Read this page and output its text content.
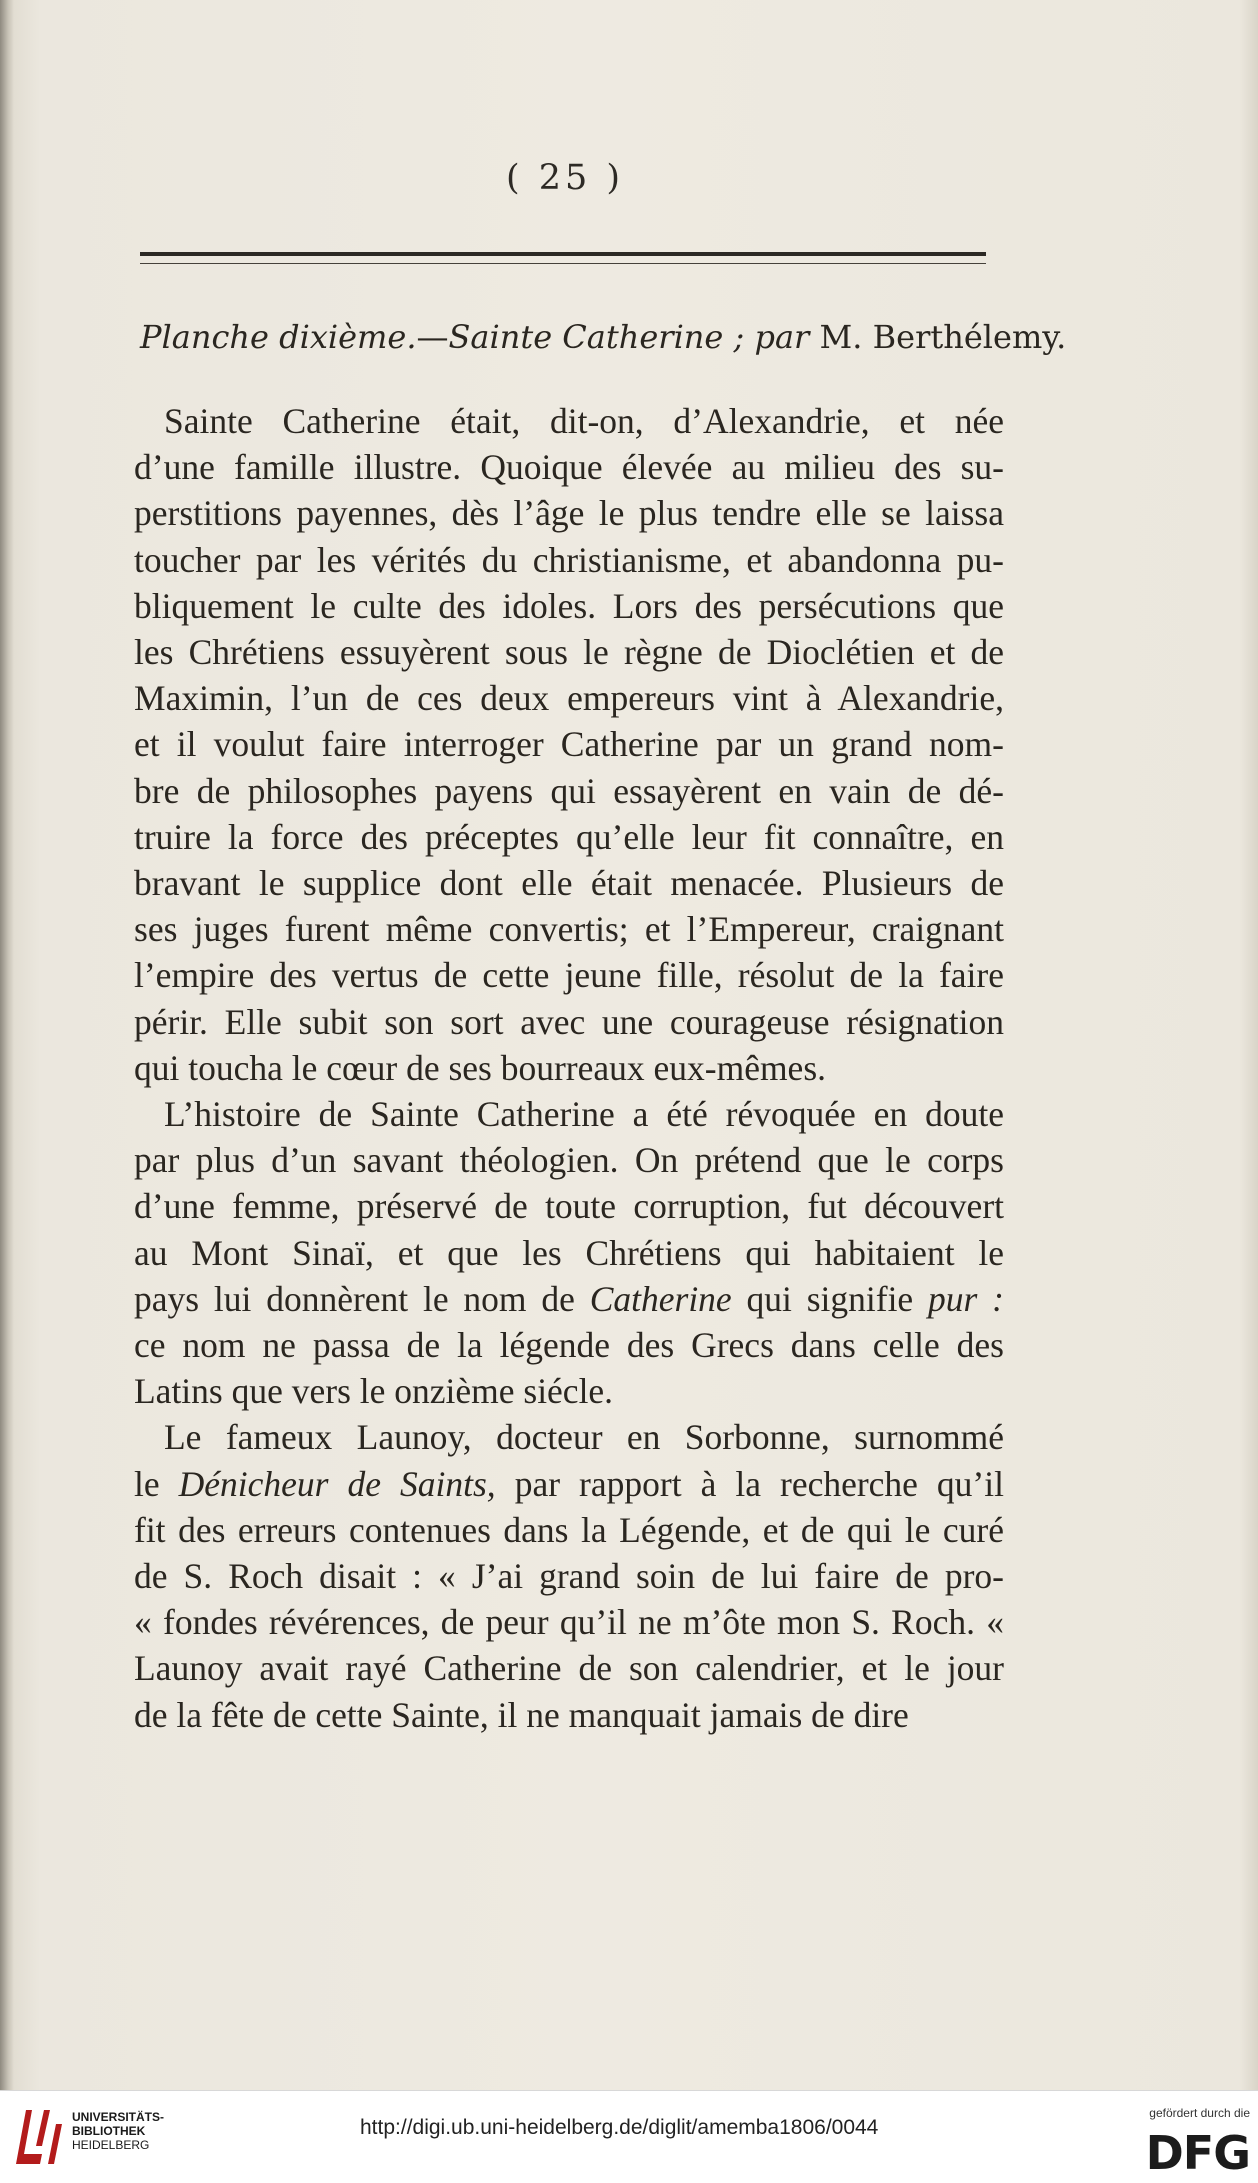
( 25 )
Planche dixième.—Sainte Catherine ; par M. Berthélemy.
Sainte Catherine était, dit-on, d’Alexandrie, et née
d’une famille illustre. Quoique élevée au milieu des su-
perstitions payennes, dès l’âge le plus tendre elle se laissa
toucher par les vérités du christianisme, et abandonna pu-
bliquement le culte des idoles. Lors des persécutions que
les Chrétiens essuyèrent sous le règne de Dioclétien et de
Maximin, l’un de ces deux empereurs vint à Alexandrie,
et il voulut faire interroger Catherine par un grand nom-
bre de philosophes payens qui essayèrent en vain de dé-
truire la force des préceptes qu’elle leur fit connaître, en
bravant le supplice dont elle était menacée. Plusieurs de
ses juges furent même convertis; et l’Empereur, craignant
l’empire des vertus de cette jeune fille, résolut de la faire
périr. Elle subit son sort avec une courageuse résignation
qui toucha le cœur de ses bourreaux eux-mêmes.
L’histoire de Sainte Catherine a été révoquée en doute
par plus d’un savant théologien. On prétend que le corps
d’une femme, préservé de toute corruption, fut découvert
au Mont Sinaï, et que les Chrétiens qui habitaient le
pays lui donnèrent le nom de Catherine qui signifie pur :
ce nom ne passa de la légende des Grecs dans celle des
Latins que vers le onzième siécle.
Le fameux Launoy, docteur en Sorbonne, surnommé
le Dénicheur de Saints, par rapport à la recherche qu’il
fit des erreurs contenues dans la Légende, et de qui le curé
de S. Roch disait : « J’ai grand soin de lui faire de pro-
« fondes révérences, de peur qu’il ne m’ôte mon S. Roch. «
Launoy avait rayé Catherine de son calendrier, et le jour
de la fête de cette Sainte, il ne manquait jamais de dire
UNIVERSITÄTS-
BIBLIOTHEK
HEIDELBERG
http://digi.ub.uni-heidelberg.de/diglit/amemba1806/0044
gefördert durch die
DFG
